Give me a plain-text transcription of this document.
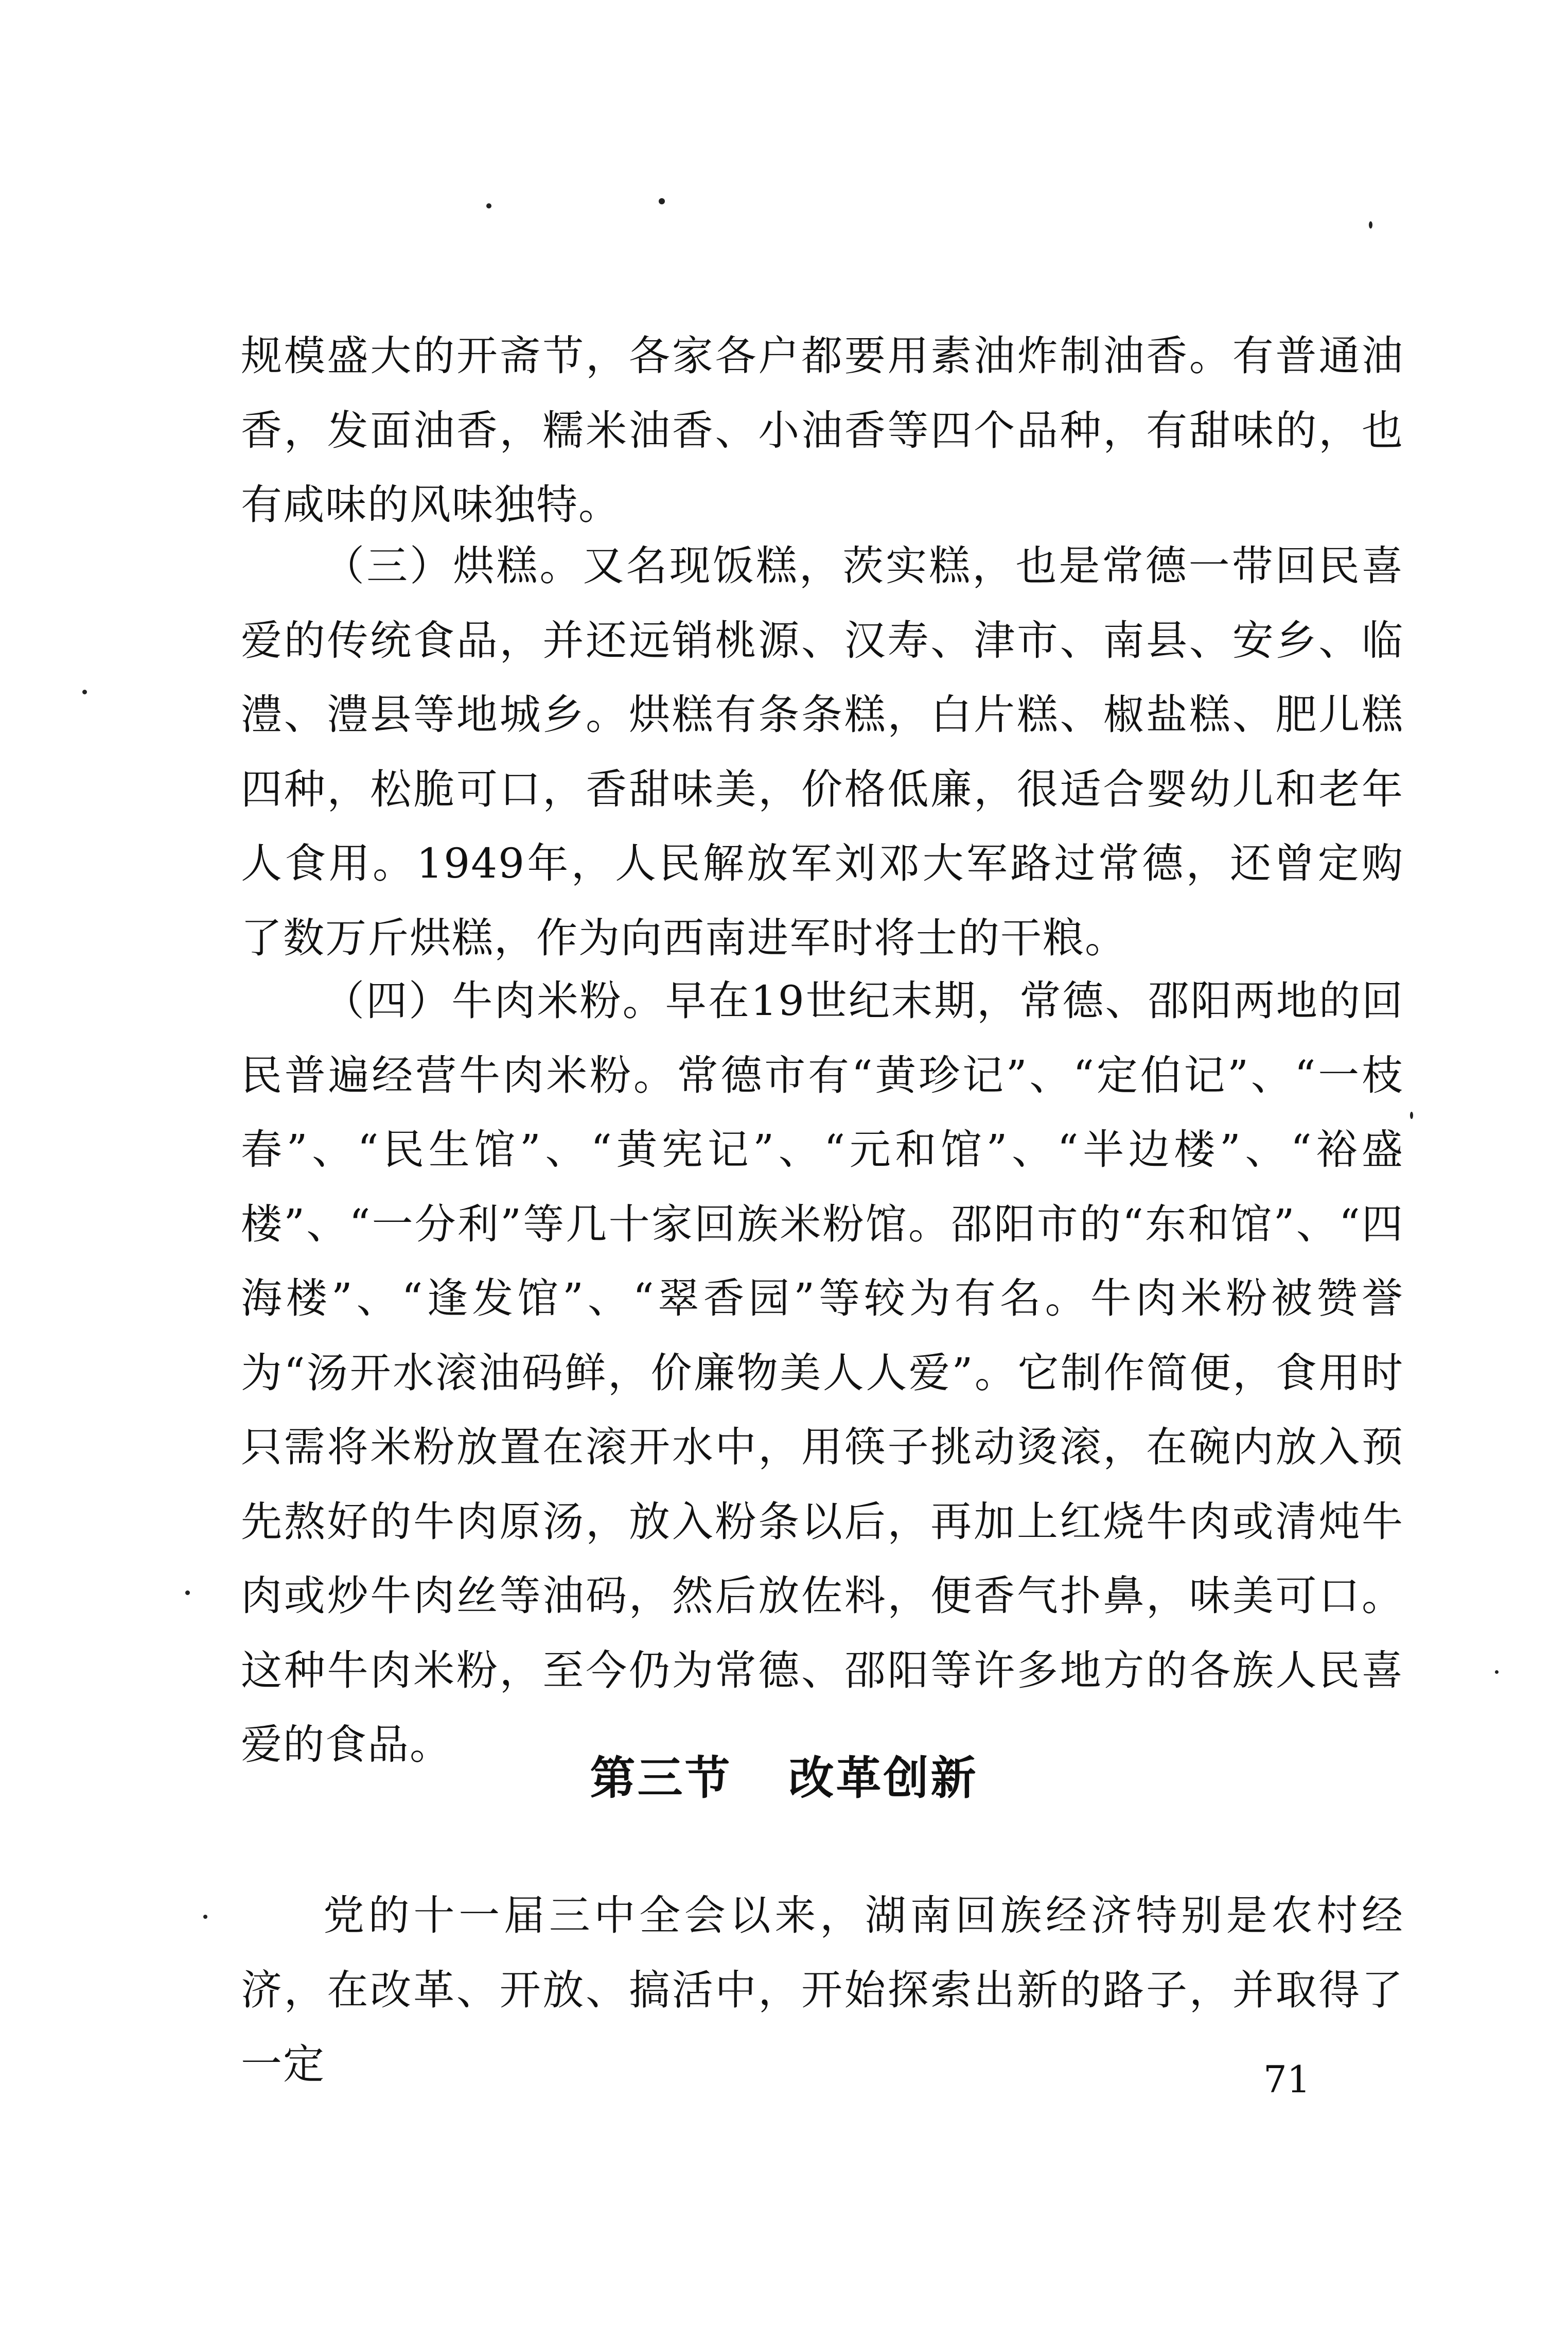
规模盛大的开斋节，各家各户都要用素油炸制油香。有普通油香，发面油香，糯米油香、小油香等四个品种，有甜味的，也有咸味的风味独特。

（三）烘糕。又名现饭糕，茨实糕，也是常德一带回民喜爱的传统食品，并还远销桃源、汉寿、津市、南县、安乡、临澧、澧县等地城乡。烘糕有条条糕，白片糕、椒盐糕、肥儿糕四种，松脆可口，香甜味美，价格低廉，很适合婴幼儿和老年人食用。1949年，人民解放军刘邓大军路过常德，还曾定购了数万斤烘糕，作为向西南进军时将士的干粮。

（四）牛肉米粉。早在19世纪末期，常德、邵阳两地的回民普遍经营牛肉米粉。常德市有“黄珍记”、“定伯记”、“一枝春”、“民生馆”、“黄宪记”、“元和馆”、“半边楼”、“裕盛楼”、“一分利”等几十家回族米粉馆。邵阳市的“东和馆”、“四海楼”、“逢发馆”、“翠香园”等较为有名。牛肉米粉被赞誉为“汤开水滚油码鲜，价廉物美人人爱”。它制作简便，食用时只需将米粉放置在滚开水中，用筷子挑动烫滚，在碗内放入预先熬好的牛肉原汤，放入粉条以后，再加上红烧牛肉或清炖牛肉或炒牛肉丝等油码，然后放佐料，便香气扑鼻，味美可口。这种牛肉米粉，至今仍为常德、邵阳等许多地方的各族人民喜爱的食品。

第三节 改革创新

党的十一届三中全会以来，湖南回族经济特别是农村经济，在改革、开放、搞活中，开始探索出新的路子，并取得了一定	71
